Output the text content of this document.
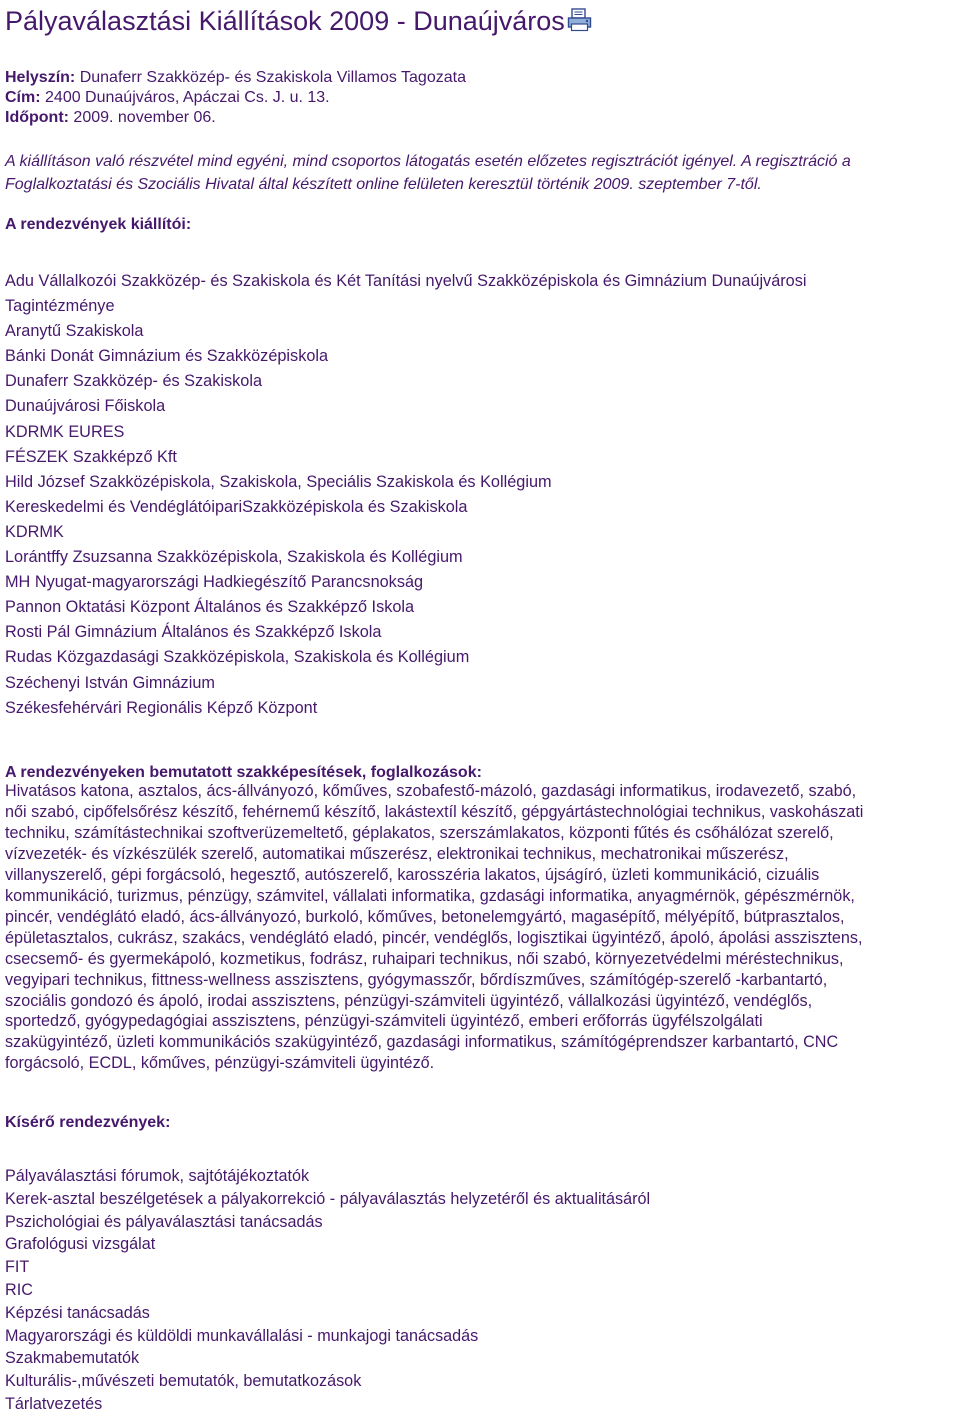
Pályaválasztási Kiállítások 2009 - Dunaújváros
Helyszín: Dunaferr Szakközép- és Szakiskola Villamos Tagozata
Cím: 2400 Dunaújváros, Apáczai Cs. J. u. 13.
Időpont: 2009. november 06.
A kiállításon való részvétel mind egyéni, mind csoportos látogatás esetén előzetes regisztrációt igényel. A regisztráció a Foglalkoztatási és Szociális Hivatal által készített online felületen keresztül történik 2009. szeptember 7-től.
A rendezvények kiállítói:
Adu Vállalkozói Szakközép- és Szakiskola és Két Tanítási nyelvű Szakközépiskola és Gimnázium Dunaújvárosi
Tagintézménye
Aranytű Szakiskola
Bánki Donát Gimnázium és Szakközépiskola
Dunaferr Szakközép- és Szakiskola
Dunaújvárosi Főiskola
KDRMK EURES
FÉSZEK Szakképző Kft
Hild József Szakközépiskola, Szakiskola, Speciális Szakiskola és Kollégium
Kereskedelmi és VendéglátóipariSzakközépiskola és Szakiskola
KDRMK
Lorántffy Zsuzsanna Szakközépiskola, Szakiskola és Kollégium
MH Nyugat-magyarországi Hadkiegészítő Parancsnokság
Pannon Oktatási Központ Általános és Szakképző Iskola
Rosti Pál Gimnázium Általános és Szakképző Iskola
Rudas Közgazdasági Szakközépiskola, Szakiskola és Kollégium
Széchenyi István Gimnázium
Székesfehérvári Regionális Képző Központ
A rendezvényeken bemutatott szakképesítések, foglalkozások:
Hivatásos katona, asztalos, ács-állványozó, kőműves, szobafestő-mázoló, gazdasági informatikus, irodavezető, szabó,
női szabó, cipőfelsőrész készítő, fehérnemű készítő, lakástextíl készítő, gépgyártástechnológiai technikus, vaskohászati
techniku, számítástechnikai szoftverüzemeltető, géplakatos, szerszámlakatos, központi fűtés és csőhálózat szerelő,
vízvezeték- és vízkészülék szerelő, automatikai műszerész, elektronikai technikus, mechatronikai műszerész,
villanyszerelő, gépi forgácsoló, hegesztő, autószerelő, karosszéria lakatos, újságíró, üzleti kommunikáció, cizuális
kommunikáció, turizmus, pénzügy, számvitel, vállalati informatika, gzdasági informatika, anyagmérnök, gépészmérnök,
pincér, vendéglátó eladó, ács-állványozó, burkoló, kőműves, betonelemgyártó, magasépítő, mélyépítő, bútprasztalos,
épületasztalos, cukrász, szakács, vendéglátó eladó, pincér, vendéglős, logisztikai ügyintéző, ápoló, ápolási asszisztens,
csecsemő- és gyermekápoló, kozmetikus, fodrász, ruhaipari technikus, női szabó, környezetvédelmi méréstechnikus,
vegyipari technikus, fittness-wellness asszisztens, gyógymasszőr, bőrdíszműves, számítógép-szerelő -karbantartó,
szociális gondozó és ápoló, irodai asszisztens, pénzügyi-számviteli ügyintéző, vállalkozási ügyintéző, vendéglős,
sportedző, gyógypedagógiai asszisztens, pénzügyi-számviteli ügyintéző, emberi erőforrás ügyfélszolgálati
szakügyintéző, üzleti kommunikációs szakügyintéző, gazdasági informatikus, számítógéprendszer karbantartó, CNC
forgácsoló, ECDL, kőműves, pénzügyi-számviteli ügyintéző.
Kísérő rendezvények:
Pályaválasztási fórumok, sajtótájékoztatók
Kerek-asztal beszélgetések a pályakorrekció - pályaválasztás helyzetéről és aktualitásáról
Pszichológiai és pályaválasztási tanácsadás
Grafológusi vizsgálat
FIT
RIC
Képzési tanácsadás
Magyarországi és küldöldi munkavállalási - munkajogi tanácsadás
Szakmabemutatók
Kulturális-,művészeti bemutatók, bemutatkozások
Tárlatvezetés
